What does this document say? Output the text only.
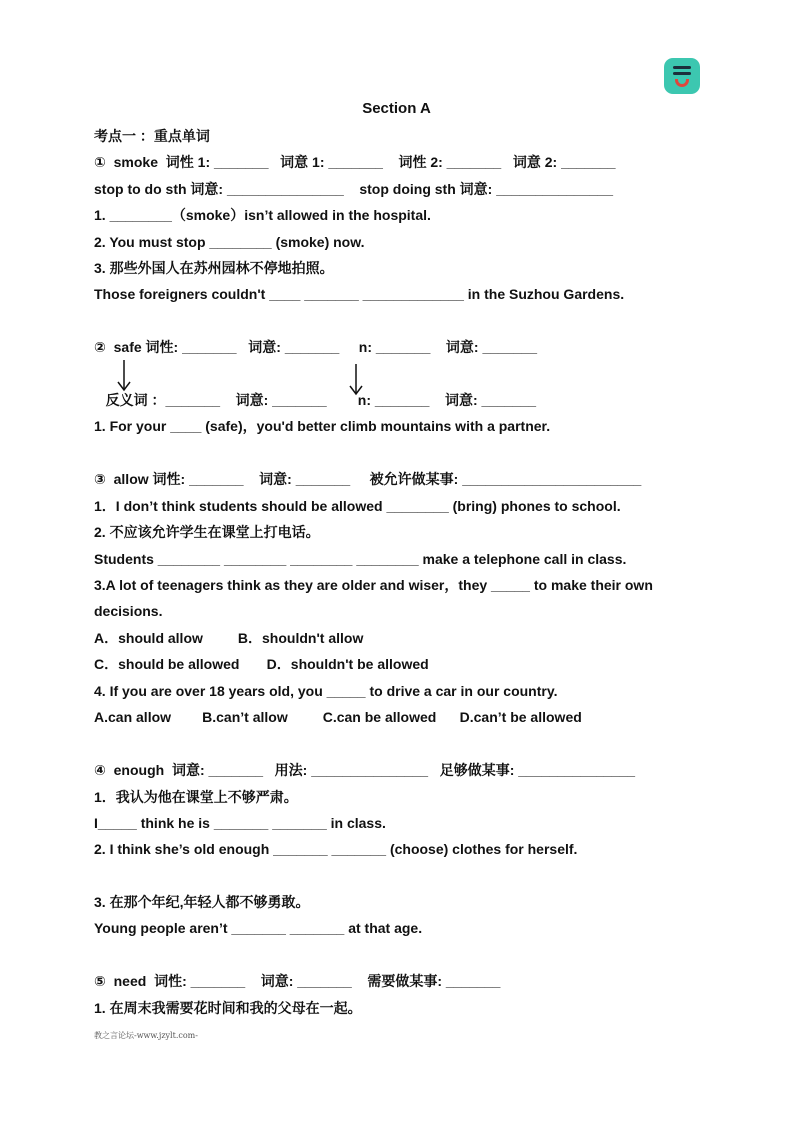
Section A
考点一 ：重点单词
①  smoke  词性 1: _______   词意 1: _______    词性 2: _______   词意 2: _______
stop to do sth 词意: _______________    stop doing sth 词意: _______________
1. ________（smoke）isn’t allowed in the hospital.
2. You must stop ________ (smoke) now.
3. 那些外国人在苏州园林不停地拍照。
Those foreigners couldn't ____ _______ _____________ in the Suzhou Gardens.
②  safe 词性: _______   词意: _______     n: _______    词意: _______
反义词 ：_______    词意: _______        n: _______    词意: _______
1. For your ____ (safe)，you'd better climb mountains with a partner.
③  allow 词性: _______    词意: _______     被允许做某事: _______________________
1．I don’t think students should be allowed ________ (bring) phones to school.
2. 不应该允许学生在课堂上打电话。
Students ________ ________ ________ ________ make a telephone call in class.
3.A lot of teenagers think as they are older and wiser，they _____ to make their own
decisions.
A．should allow         B．shouldn't allow
C．should be allowed       D．shouldn't be allowed
4. If you are over 18 years old, you _____ to drive a car in our country.
A.can allow        B.can’t allow         C.can be allowed      D.can’t be allowed
④  enough  词意: _______   用法: _______________   足够做某事: _______________
1．我认为他在课堂上不够严肃。
I_____ think he is _______ _______ in class.
2. I think she’s old enough _______ _______ (choose) clothes for herself.
3. 在那个年纪,年轻人都不够勇敢。
Young people aren’t _______ _______ at that age.
⑤  need  词性: _______    词意: _______    需要做某事: _______
1. 在周末我需要花时间和我的父母在一起。
教之言论坛-www.jzylt.com-
